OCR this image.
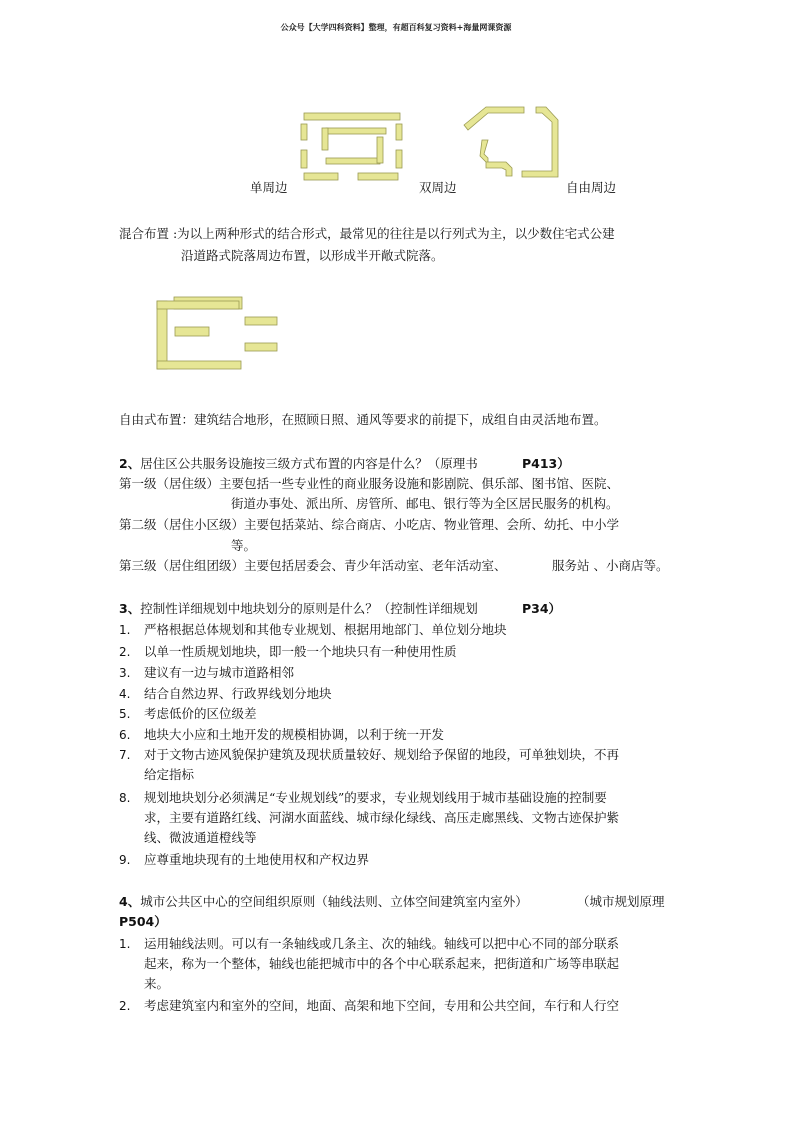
公众号【大学四科资料】整理，有超百科复习资料+海量网课资源
单周边	双周边	自由周边
混合布置 :为以上两种形式的结合形式，最常见的往往是以行列式为主，以少数住宅式公建
沿道路式院落周边布置，以形成半开敞式院落。
自由式布置：建筑结合地形，在照顾日照、通风等要求的前提下，成组自由灵活地布置。
2、居住区公共服务设施按三级方式布置的内容是什么？（原理书	P413）
第一级（居住级）主要包括一些专业性的商业服务设施和影剧院、俱乐部、图书馆、医院、
街道办事处、派出所、房管所、邮电、银行等为全区居民服务的机构。
第二级（居住小区级）主要包括菜站、综合商店、小吃店、物业管理、会所、幼托、中小学
等。
第三级（居住组团级）主要包括居委会、青少年活动室、老年活动室、	服务站 、小商店等。
3、控制性详细规划中地块划分的原则是什么？（控制性详细规划	P34）
1. 严格根据总体规划和其他专业规划、根据用地部门、单位划分地块
2. 以单一性质规划地块，即一般一个地块只有一种使用性质
3. 建议有一边与城市道路相邻
4. 结合自然边界、行政界线划分地块
5. 考虑低价的区位级差
6. 地块大小应和土地开发的规模相协调，以利于统一开发
7. 对于文物古迹风貌保护建筑及现状质量较好、规划给予保留的地段，可单独划块，不再
给定指标
8. 规划地块划分必须满足“专业规划线”的要求，专业规划线用于城市基础设施的控制要
求，主要有道路红线、河湖水面蓝线、城市绿化绿线、高压走廊黑线、文物古迹保护紫
线、微波通道橙线等
9. 应尊重地块现有的土地使用权和产权边界
4、城市公共区中心的空间组织原则（轴线法则、立体空间建筑室内室外）	（城市规划原理
P504）
1. 运用轴线法则。可以有一条轴线或几条主、次的轴线。轴线可以把中心不同的部分联系
起来，称为一个整体，轴线也能把城市中的各个中心联系起来，把街道和广场等串联起
来。
2. 考虑建筑室内和室外的空间，地面、高架和地下空间，专用和公共空间，车行和人行空
